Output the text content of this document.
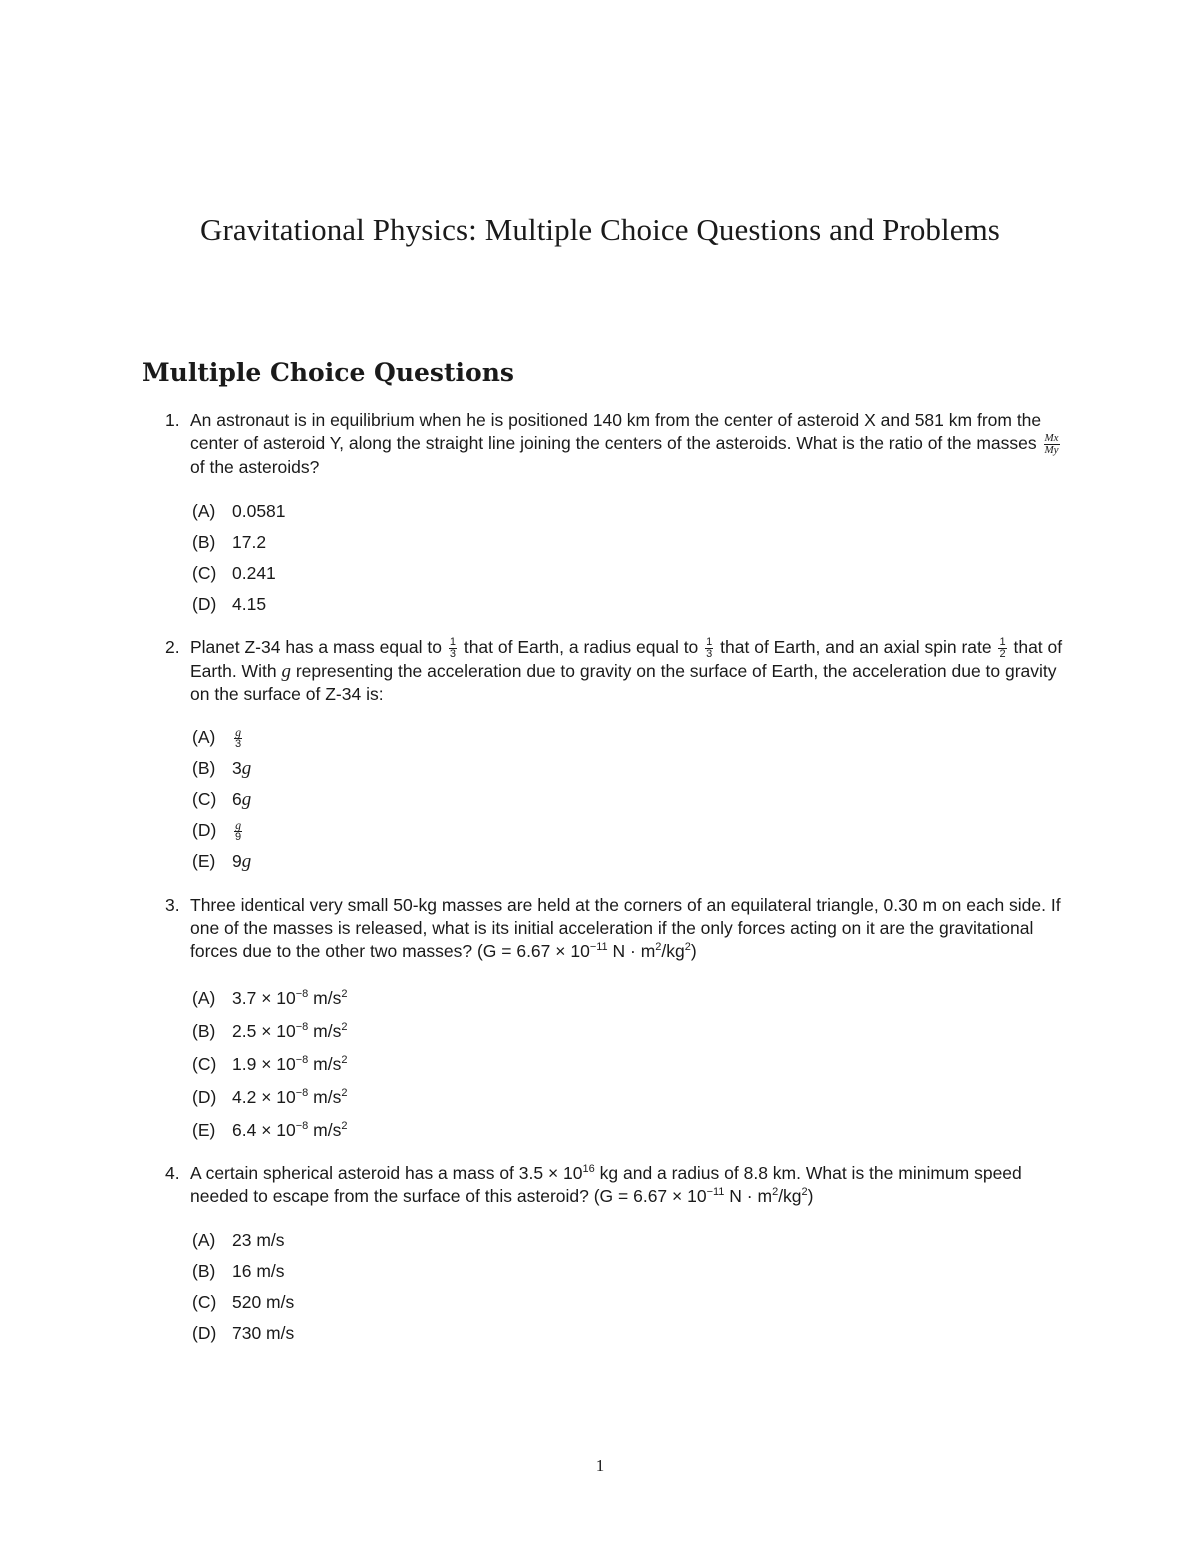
Gravitational Physics: Multiple Choice Questions and Problems
Multiple Choice Questions
1. An astronaut is in equilibrium when he is positioned 140 km from the center of asteroid X and 581 km from the center of asteroid Y, along the straight line joining the centers of the asteroids. What is the ratio of the masses $\frac{Mx}{My}$
of the asteroids?
(A) 0.0581
(B) 17.2
(C) 0.241
(D) 4.15
2. Planet Z-34 has a mass equal to $\frac{1}{3}$ that of Earth, a radius equal to $\frac{1}{3}$ that of Earth, and an axial spin rate $\frac{1}{2}$ that of Earth. With g representing the acceleration due to gravity on the surface of Earth, the acceleration due to gravity on the surface of Z-34 is:
$(A) \frac{g}{3}$
(B) 3g
(C) 6g
$(D) \frac{g}{9}$
(E) 9g
3. Three identical very small 50-kg masses are held at the corners of an equilateral triangle, 0.30 m on each side. If one of the masses is released, what is its initial acceleration if the only forces acting on it are the gravitational forces due to the other two masses? ($G = 6.67 \times 10^{-11}$ $N \cdot m^2/kg^2$)
(A) $3.7 \times 10^{-8}$ $m/s^2$
(B) $2.5 \times 10^{-8}$ $m/s^2$
(C) $1.9 \times 10^{-8}$ $m/s^2$
(D) $4.2 \times 10^{-8}$ $m/s^2$
(E) $6.4 \times 10^{-8}$ $m/s^2$
4. A certain spherical asteroid has a mass of $3.5 \times 10^{16}$ kg and a radius of 8.8 km. What is the minimum speed needed to escape from the surface of this asteroid? ($G = 6.67 \times 10^{-11}$ $N \cdot m^2/kg^2$)
(A) 23 m/s
(B) 16 m/s
(C) 520 m/s
(D) 730 m/s
1
